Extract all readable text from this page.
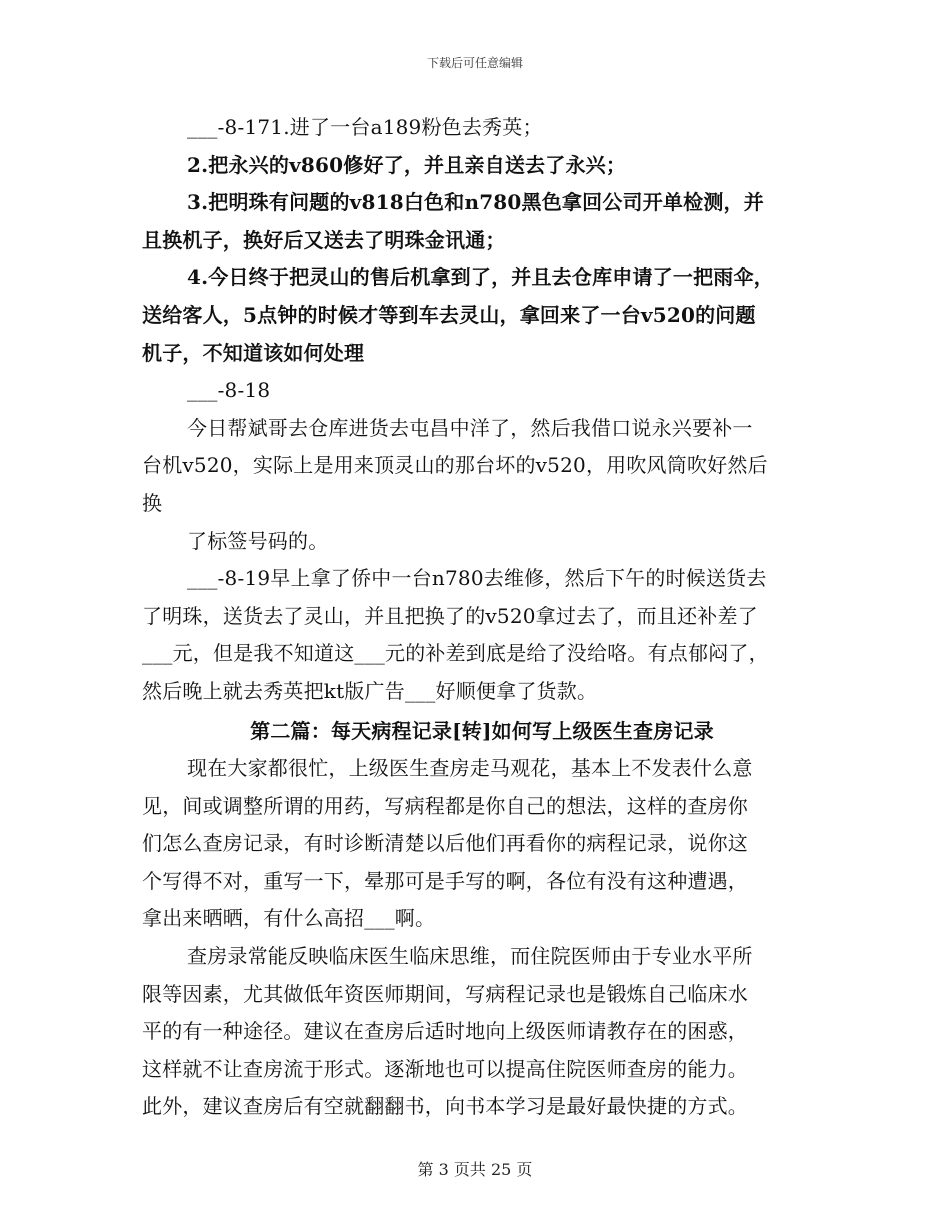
下载后可任意编辑
___-8-171.进了一台a189粉色去秀英；
2.把永兴的v860修好了，并且亲自送去了永兴；
3.把明珠有问题的v818白色和n780黑色拿回公司开单检测，并
且换机子，换好后又送去了明珠金讯通；
4.今日终于把灵山的售后机拿到了，并且去仓库申请了一把雨伞，
送给客人，5点钟的时候才等到车去灵山，拿回来了一台v520的问题
机子，不知道该如何处理
___-8-18
今日帮斌哥去仓库进货去屯昌中洋了，然后我借口说永兴要补一
台机v520，实际上是用来顶灵山的那台坏的v520，用吹风筒吹好然后
换
了标签号码的。
___-8-19早上拿了侨中一台n780去维修，然后下午的时候送货去
了明珠，送货去了灵山，并且把换了的v520拿过去了，而且还补差了
___元，但是我不知道这___元的补差到底是给了没给咯。有点郁闷了，
然后晚上就去秀英把kt版广告___好顺便拿了货款。
第二篇：每天病程记录[转]如何写上级医生查房记录
现在大家都很忙，上级医生查房走马观花，基本上不发表什么意
见，间或调整所谓的用药，写病程都是你自己的想法，这样的查房你
们怎么查房记录，有时诊断清楚以后他们再看你的病程记录，说你这
个写得不对，重写一下，晕那可是手写的啊，各位有没有这种遭遇，
拿出来晒晒，有什么高招___啊。
查房录常能反映临床医生临床思维，而住院医师由于专业水平所
限等因素，尤其做低年资医师期间，写病程记录也是锻炼自己临床水
平的有一种途径。建议在查房后适时地向上级医师请教存在的困惑，
这样就不让查房流于形式。逐渐地也可以提高住院医师查房的能力。
此外，建议查房后有空就翻翻书，向书本学习是最好最快捷的方式。
第 3 页共 25 页
